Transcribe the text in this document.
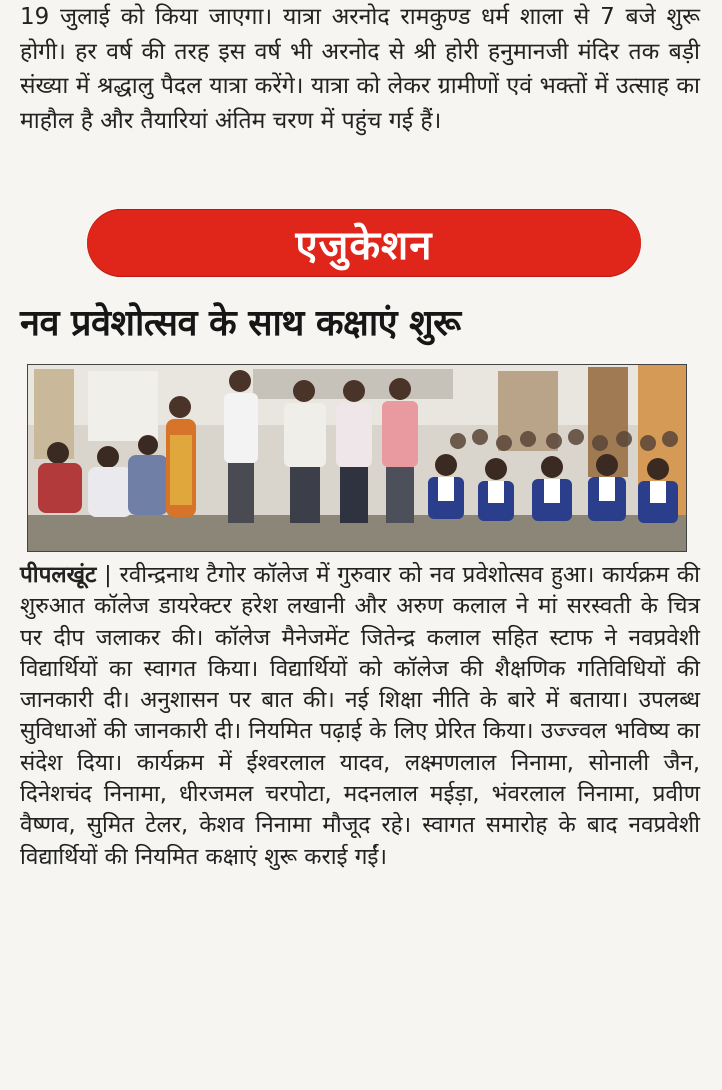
19 जुलाई को किया जाएगा। यात्रा अरनोद रामकुण्ड धर्म शाला से 7 बजे शुरू होगी। हर वर्ष की तरह इस वर्ष भी अरनोद से श्री होरी हनुमानजी मंदिर तक बड़ी संख्या में श्रद्धालु पैदल यात्रा करेंगे। यात्रा को लेकर ग्रामीणों एवं भक्तों में उत्साह का माहौल है और तैयारियां अंतिम चरण में पहुंच गई हैं।
एजुकेशन
नव प्रवेशोत्सव के साथ कक्षाएं शुरू
पीपलखूंट | रवीन्द्रनाथ टैगोर कॉलेज में गुरुवार को नव प्रवेशोत्सव हुआ। कार्यक्रम की शुरुआत कॉलेज डायरेक्टर हरेश लखानी और अरुण कलाल ने मां सरस्वती के चित्र पर दीप जलाकर की। कॉलेज मैनेजमेंट जितेन्द्र कलाल सहित स्टाफ ने नवप्रवेशी विद्यार्थियों का स्वागत किया। विद्यार्थियों को कॉलेज की शैक्षणिक गतिविधियों की जानकारी दी। अनुशासन पर बात की। नई शिक्षा नीति के बारे में बताया। उपलब्ध सुविधाओं की जानकारी दी। नियमित पढ़ाई के लिए प्रेरित किया। उज्ज्वल भविष्य का संदेश दिया। कार्यक्रम में ईश्वरलाल यादव, लक्ष्मणलाल निनामा, सोनाली जैन, दिनेशचंद निनामा, धीरजमल चरपोटा, मदनलाल मईड़ा, भंवरलाल निनामा, प्रवीण वैष्णव, सुमित टेलर, केशव निनामा मौजूद रहे। स्वागत समारोह के बाद नवप्रवेशी विद्यार्थियों की नियमित कक्षाएं शुरू कराई गईं।
